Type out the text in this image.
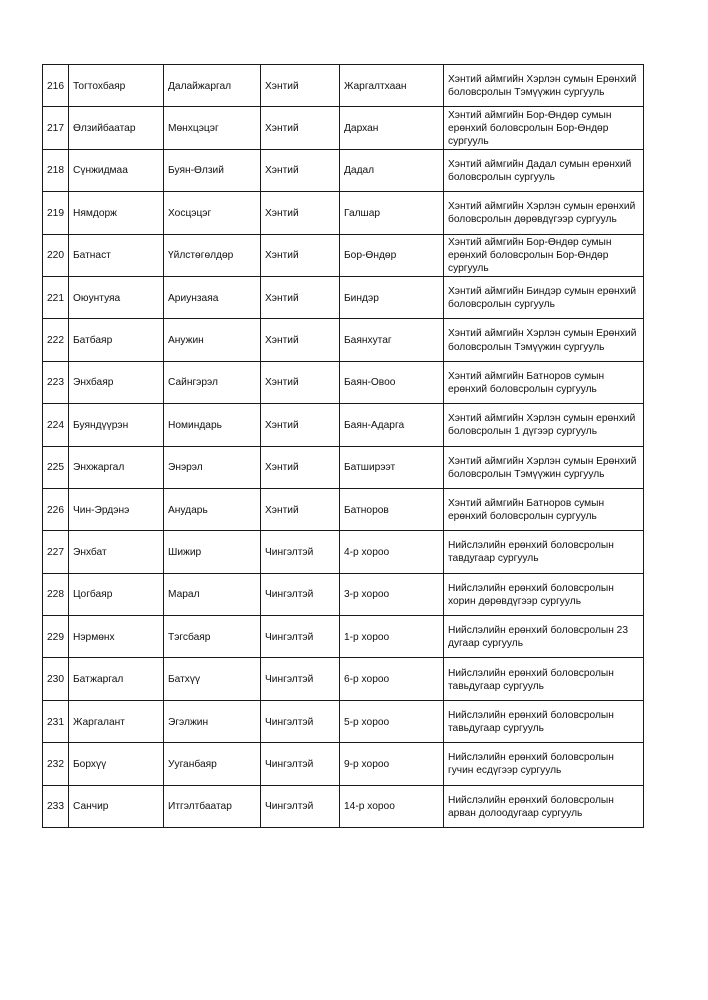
216	Тогтохбаяр	Далайжаргал	Хэнтий	Жаргалтхаан	Хэнтий аймгийн Хэрлэн сумын Ерөнхий боловсролын Тэмүүжин сургууль
217	Өлзийбаатар	Мөнхцэцэг	Хэнтий	Дархан	Хэнтий аймгийн Бор-Өндөр сумын ерөнхий боловсролын Бор-Өндөр сургууль
218	Сүнжидмаа	Буян-Өлзий	Хэнтий	Дадал	Хэнтий аймгийн Дадал сумын ерөнхий боловсролын сургууль
219	Нямдорж	Хосцэцэг	Хэнтий	Галшар	Хэнтий аймгийн Хэрлэн сумын ерөнхий боловсролын дөрөвдүгээр сургууль
220	Батнаст	Үйлстөгөлдөр	Хэнтий	Бор-Өндөр	Хэнтий аймгийн Бор-Өндөр сумын ерөнхий боловсролын Бор-Өндөр сургууль
221	Оюунтуяа	Ариунзаяа	Хэнтий	Биндэр	Хэнтий аймгийн Биндэр сумын ерөнхий боловсролын сургууль
222	Батбаяр	Анужин	Хэнтий	Баянхутаг	Хэнтий аймгийн Хэрлэн сумын Ерөнхий боловсролын Тэмүүжин сургууль
223	Энхбаяр	Сайнгэрэл	Хэнтий	Баян-Овоо	Хэнтий аймгийн Батноров сумын ерөнхий боловсролын сургууль
224	Буяндүүрэн	Номиндарь	Хэнтий	Баян-Адарга	Хэнтий аймгийн Хэрлэн сумын ерөнхий боловсролын 1 дүгээр сургууль
225	Энхжаргал	Энэрэл	Хэнтий	Батширээт	Хэнтий аймгийн Хэрлэн сумын Ерөнхий боловсролын Тэмүүжин сургууль
226	Чин-Эрдэнэ	Анударь	Хэнтий	Батноров	Хэнтий аймгийн Батноров сумын ерөнхий боловсролын сургууль
227	Энхбат	Шижир	Чингэлтэй	4-р хороо	Нийслэлийн ерөнхий боловсролын тавдугаар сургууль
228	Цогбаяр	Марал	Чингэлтэй	3-р хороо	Нийслэлийн ерөнхий боловсролын хорин дөрөвдүгээр сургууль
229	Нэрмөнх	Тэгсбаяр	Чингэлтэй	1-р хороо	Нийслэлийн ерөнхий боловсролын 23 дугаар сургууль
230	Батжаргал	Батхүү	Чингэлтэй	6-р хороо	Нийслэлийн ерөнхий боловсролын тавьдугаар сургууль
231	Жаргалант	Эгэлжин	Чингэлтэй	5-р хороо	Нийслэлийн ерөнхий боловсролын тавьдугаар сургууль
232	Борхүү	Ууганбаяр	Чингэлтэй	9-р хороо	Нийслэлийн ерөнхий боловсролын гучин есдүгээр сургууль
233	Санчир	Итгэлтбаатар	Чингэлтэй	14-р хороо	Нийслэлийн ерөнхий боловсролын арван долоодугаар сургууль
